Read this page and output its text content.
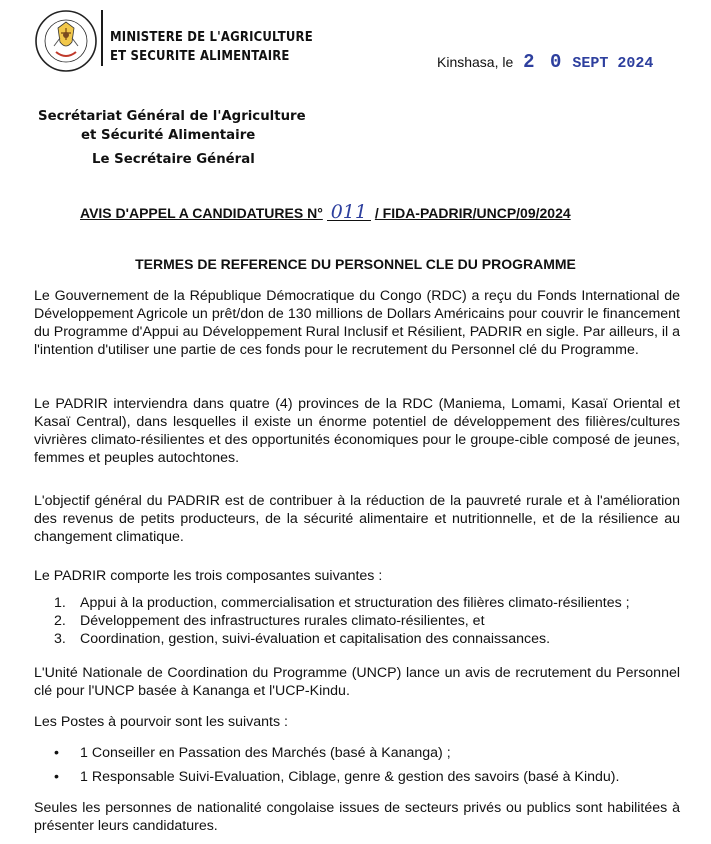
MINISTERE DE L'AGRICULTURE
ET SECURITE ALIMENTAIRE	Kinshasa, le 2 0 SEPT 2024
Secrétariat Général de l'Agriculture
et Sécurité Alimentaire
Le Secrétaire Général
AVIS D'APPEL A CANDIDATURES N° 011 / FIDA-PADRIR/UNCP/09/2024
TERMES DE REFERENCE DU PERSONNEL CLE DU PROGRAMME

Le Gouvernement de la République Démocratique du Congo (RDC) a reçu du Fonds International de Développement Agricole un prêt/don de 130 millions de Dollars Américains pour couvrir le financement du Programme d'Appui au Développement Rural Inclusif et Résilient, PADRIR en sigle. Par ailleurs, il a l'intention d'utiliser une partie de ces fonds pour le recrutement du Personnel clé du Programme.

Le PADRIR interviendra dans quatre (4) provinces de la RDC (Maniema, Lomami, Kasaï Oriental et Kasaï Central), dans lesquelles il existe un énorme potentiel de développement des filières/cultures vivrières climato-résilientes et des opportunités économiques pour le groupe-cible composé de jeunes, femmes et peuples autochtones.

L'objectif général du PADRIR est de contribuer à la réduction de la pauvreté rurale et à l'amélioration des revenus de petits producteurs, de la sécurité alimentaire et nutritionnelle, et de la résilience au changement climatique.

Le PADRIR comporte les trois composantes suivantes :

1. Appui à la production, commercialisation et structuration des filières climato-résilientes ;
2. Développement des infrastructures rurales climato-résilientes, et
3. Coordination, gestion, suivi-évaluation et capitalisation des connaissances.

L'Unité Nationale de Coordination du Programme (UNCP) lance un avis de recrutement du Personnel clé pour l'UNCP basée à Kananga et l'UCP-Kindu.

Les Postes à pourvoir sont les suivants :

• 1 Conseiller en Passation des Marchés (basé à Kananga) ;
• 1 Responsable Suivi-Evaluation, Ciblage, genre & gestion des savoirs (basé à Kindu).

Seules les personnes de nationalité congolaise issues de secteurs privés ou publics sont habilitées à présenter leurs candidatures.
